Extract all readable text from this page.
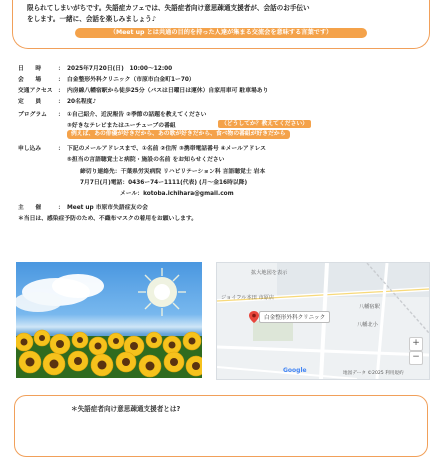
限られてしまいがちです。失語症カフェでは、失語症者向け意思疎通支援者が、会話のお手伝い
をします。一緒に、会話を楽しみましょう♪
（Meet up とは共通の目的を持った人達が集まる交流会を意味する言葉です）
日　　時	： 2025年7月20日(日)　10:00～12:00
会　　場	： 白金整形外科クリニック（市原市白金町1ー70）
交通アクセス ： 内房線八幡宿駅から徒歩25分（バスは日曜日は運休）自家用車可 駐車場あり
定　　員	： 20名程度♪
プログラム	： ①自己紹介、近況報告 ②季節の話題を教えてください
③好きなテレビまたはユーチューブの番組	（どうしてか？教えてください）
例えば、あの俳優が好きだから、あの歌が好きだから、食べ物の番組が好きだから
申し込み	： 下記のメールアドレスまで、①名前 ②住所 ③携帯電話番号 ④メールアドレス
⑤担当の言語聴覚士と病院・施設の名前 をお知らせください
締切り連絡先：千葉県労災病院 リハビリテーション科 言語聴覚士 岩本
7月7日(月)電話：0436ー74ー1111(代表) (月～金16時以降)
メール：kotoba.ichihara@gmail.com
主　　催	： Meet up 市原市失語症友の会
＊当日は、感染症予防のため、不織布マスクの着用をお願いします。
拡大地図を表示
八幡宿駅
ジョイフル本田 市原店
八幡北小
白金整形外科クリニック
+
−
Google	地図データ ©2025 利用規約
＊失語症者向け意思疎通支援者とは?
